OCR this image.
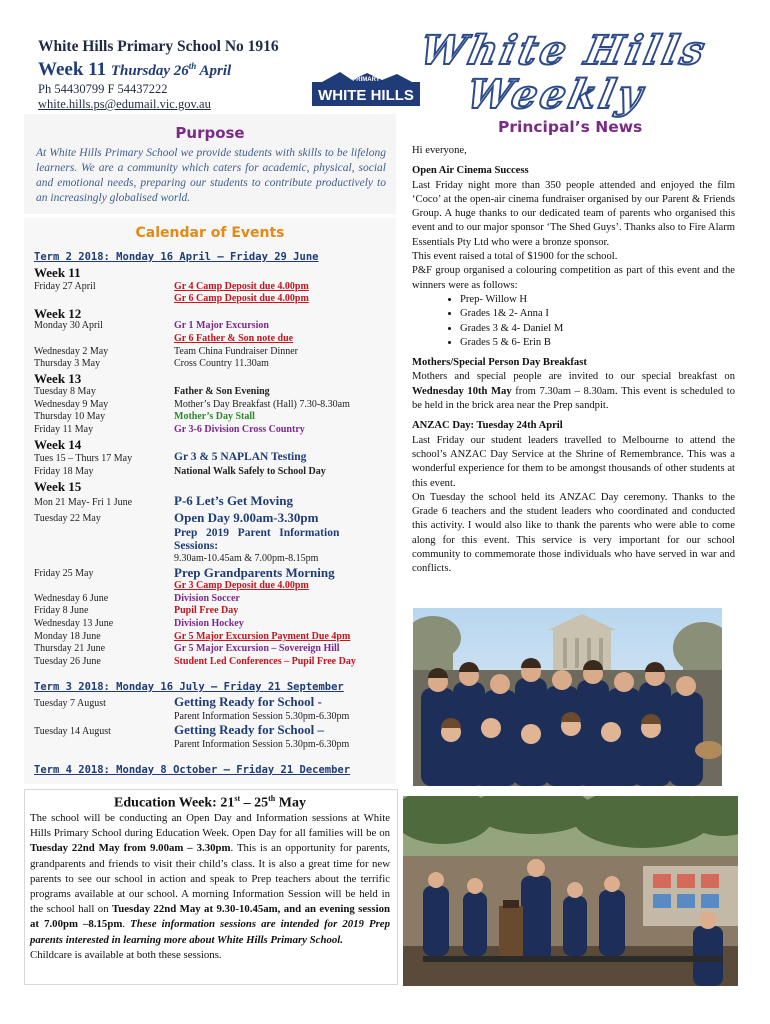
White Hills Primary School No 1916
Week 11 Thursday 26th April
Ph 54430799 F 54437222
white.hills.ps@edumail.vic.gov.au
PRIMARY
WHITE HILLS
White Hills
Weekly
Purpose
At White Hills Primary School we provide students with skills to be lifelong learners. We are a community which caters for academic, physical, social and emotional needs, preparing our students to contribute productively to an increasingly globalised world.
Calendar of Events
Term 2 2018: Monday 16 April – Friday 29 June
Week 11
Friday 27 April	Gr 4 Camp Deposit due 4.00pm
Gr 6 Camp Deposit due 4.00pm
Week 12
Monday 30 April	Gr 1 Major Excursion
Gr 6 Father & Son note due
Wednesday 2 May	Team China Fundraiser Dinner
Thursday 3 May	Cross Country 11.30am
Week 13
Tuesday 8 May	Father & Son Evening
Wednesday 9 May	Mother’s Day Breakfast (Hall) 7.30-8.30am
Thursday 10 May	Mother’s Day Stall
Friday 11 May	Gr 3-6 Division Cross Country
Week 14
Tues 15 – Thurs 17 May	Gr 3 & 5 NAPLAN Testing
Friday 18 May	National Walk Safely to School Day
Week 15
Mon 21 May- Fri 1 June	P-6 Let’s Get Moving
Tuesday 22 May	Open Day 9.00am-3.30pm
Prep   2019   Parent   Information
Sessions:
9.30am-10.45am & 7.00pm-8.15pm
Friday 25 May	Prep Grandparents Morning
Gr 3 Camp Deposit due 4.00pm
Wednesday 6 June	Division Soccer
Friday 8 June	Pupil Free Day
Wednesday 13 June	Division Hockey
Monday 18 June	Gr 5 Major Excursion Payment Due 4pm
Thursday 21 June	Gr 5 Major Excursion – Sovereign Hill
Tuesday 26 June	Student Led Conferences – Pupil Free Day
Term 3 2018: Monday 16 July – Friday 21 September
Tuesday 7 August	Getting Ready for School -
Parent Information Session 5.30pm-6.30pm
Tuesday 14 August	Getting Ready for School –
Parent Information Session 5.30pm-6.30pm
Term 4 2018: Monday 8 October – Friday 21 December
Education Week: 21st – 25th May
The school will be conducting an Open Day and Information sessions at White Hills Primary School during Education Week. Open Day for all families will be on Tuesday 22nd May from 9.00am – 3.30pm. This is an opportunity for parents, grandparents and friends to visit their child’s class. It is also a great time for new parents to see our school in action and speak to Prep teachers about the terrific programs available at our school. A morning Information Session will be held in the school hall on Tuesday 22nd May at 9.30-10.45am, and an evening session at 7.00pm –8.15pm. These information sessions are intended for 2019 Prep parents interested in learning more about White Hills Primary School.
Childcare is available at both these sessions.
Principal’s News

Hi everyone,

Open Air Cinema Success
Last Friday night more than 350 people attended and enjoyed the film ‘Coco’ at the open-air cinema fundraiser organised by our Parent & Friends Group. A huge thanks to our dedicated team of parents who organised this event and to our major sponsor ‘The Shed Guys’. Thanks also to Fire Alarm Essentials Pty Ltd who were a bronze sponsor.
This event raised a total of $1900 for the school.
P&F group organised a colouring competition as part of this event and the winners were as follows:
• Prep- Willow H
• Grades 1& 2- Anna I
• Grades 3 & 4- Daniel M
• Grades 5 & 6- Erin B
Mothers/Special Person Day Breakfast

Mothers and special people are invited to our special breakfast on Wednesday 10th May from 7.30am – 8.30am. This event is scheduled to be held in the brick area near the Prep sandpit.

ANZAC Day: Tuesday 24th April
Last Friday our student leaders travelled to Melbourne to attend the school’s ANZAC Day Service at the Shrine of Remembrance. This was a wonderful experience for them to be amongst thousands of other students at this event.
On Tuesday the school held its ANZAC Day ceremony. Thanks to the Grade 6 teachers and the student leaders who coordinated and conducted this activity. I would also like to thank the parents who were able to come along for this event. This service is very important for our school community to commemorate those individuals who have served in war and conflicts.
